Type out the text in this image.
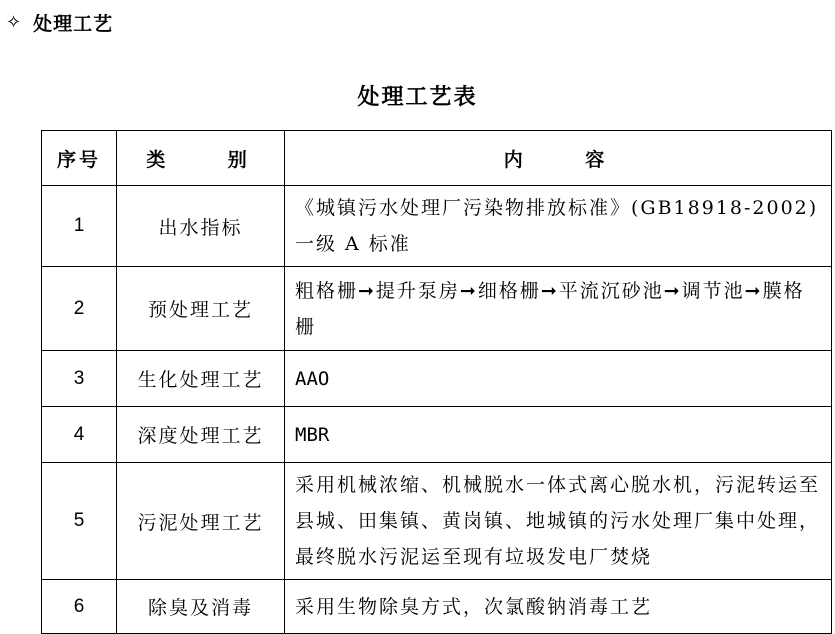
✧ 处理工艺
处理工艺表
序号	类 别	内 容
1	出水指标	《城镇污水处理厂污染物排放标准》(GB18918-2002)一级 A 标准
2	预处理工艺	粗格栅➞提升泵房➞细格栅➞平流沉砂池➞调节池➞膜格栅
3	生化处理工艺	AAO
4	深度处理工艺	MBR
5	污泥处理工艺	采用机械浓缩、机械脱水一体式离心脱水机，污泥转运至县城、田集镇、黄岗镇、地城镇的污水处理厂集中处理，最终脱水污泥运至现有垃圾发电厂焚烧
6	除臭及消毒	采用生物除臭方式，次氯酸钠消毒工艺
